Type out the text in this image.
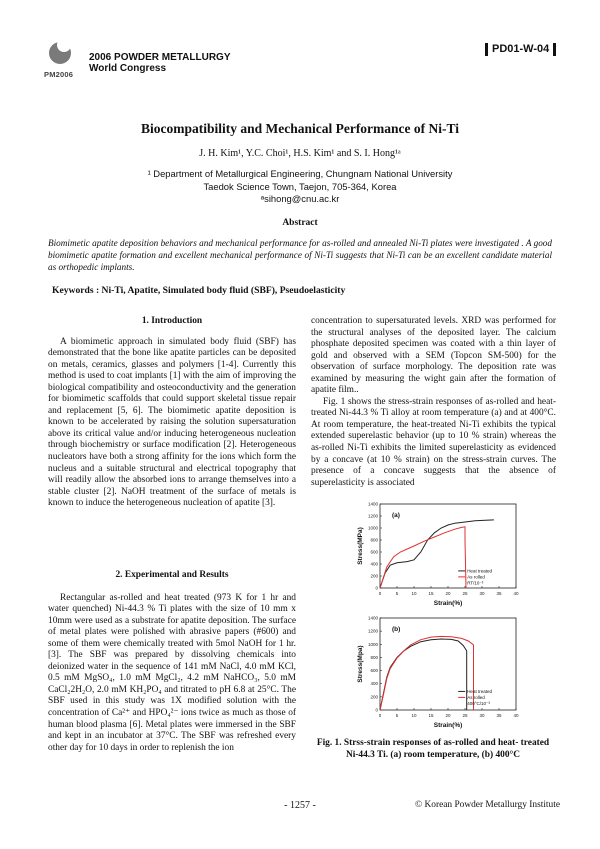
PM2006
2006 POWDER METALLURGY
World Congress
PD01-W-04
Biocompatibility and Mechanical Performance of Ni-Ti
J. H. Kim¹, Y.C. Choi¹, H.S. Kim¹ and S. I. Hong¹ᵃ
¹ Department of Metallurgical Engineering, Chungnam National University
Taedok Science Town, Taejon, 705-364, Korea
ᵃsihong@cnu.ac.kr
Abstract
Biomimetic apatite deposition behaviors and mechanical performance for as-rolled and annealed Ni-Ti plates were investigated . A good biomimetic apatite formation and excellent mechanical performance of Ni-Ti suggests that Ni-Ti can be an excellent candidate material as orthopedic implants.
Keywords : Ni-Ti, Apatite, Simulated body fluid (SBF), Pseudoelasticity
1. Introduction

A biomimetic approach in simulated body fluid (SBF) has demonstrated that the bone like apatite particles can be deposited on metals, ceramics, glasses and polymers [1-4]. Currently this method is used to coat implants [1] with the aim of improving the biological compatibility and osteoconductivity and the generation for biomimetic scaffolds that could support skeletal tissue repair and replacement [5, 6]. The biomimetic apatite deposition is known to be accelerated by raising the solution supersaturation above its critical value and/or inducing heterogeneous nucleation through biochemistry or surface modification [2]. Heterogeneous nucleators have both a strong affinity for the ions which form the nucleus and a suitable structural and electrical topography that will readily allow the absorbed ions to arrange themselves into a stable cluster [2]. NaOH treatment of the surface of metals is known to induce the heterogeneous nucleation of apatite [3].

2. Experimental and Results

Rectangular as-rolled and heat treated (973 K for 1 hr and water quenched) Ni-44.3 % Ti plates with the size of 10 mm x 10mm were used as a substrate for apatite deposition. The surface of metal plates were polished with abrasive papers (#600) and some of them were chemically treated with 5mol NaOH for 1 hr. [3]. The SBF was prepared by dissolving chemicals into deionized water in the sequence of 141 mM NaCl, 4.0 mM KCl, 0.5 mM MgSO₄, 1.0 mM MgCl₂, 4.2 mM NaHCO₃, 5.0 mM CaCl₂2H₂O, 2.0 mM KH₂PO₄ and titrated to pH 6.8 at 25°C. The SBF used in this study was 1X modified solution with the concentration of Ca²⁺ and HPO₄²⁻ ions twice as much as those of human blood plasma [6]. Metal plates were immersed in the SBF and kept in an incubator at 37°C. The SBF was refreshed every other day for 10 days in order to replenish the ion

concentration to supersaturated levels. XRD was performed for the structural analyses of the deposited layer. The calcium phosphate deposited specimen was coated with a thin layer of gold and observed with a SEM (Topcon SM-500) for the observation of surface morphology. The deposition rate was examined by measuring the wight gain after the formation of apatite film..

Fig. 1 shows the stress-strain responses of as-rolled and heat-treated Ni-44.3 % Ti alloy at room temperature (a) and at 400°C. At room temperature, the heat-treated Ni-Ti exhibits the typical extended superelastic behavior (up to 10 % strain) whereas the as-rolled Ni-Ti exhibits the limited superelasticity as evidenced by a concave (at 10 % strain) on the stress-strain curves. The presence of a concave suggests that the absence of superelasticity is associated

0	5	10	15	20	25	30	35	40
0
200
400
600
800
1000
1200
1400
Strain(%)
Stress(MPa)
(a)
Heat treated
As rolled
RT/10⁻³
0	5	10	15	20	25	30	35	40
0
200
400
600
800
1000
1200
1400
Strain(%)
Stress(Mpa)
(b)
Heat treated
As rolled
400°C/10⁻³
Fig. 1. Strss-strain responses of as-rolled and heat- treated
Ni-44.3 Ti. (a) room temperature, (b) 400°C
- 1257 -	© Korean Powder Metallurgy Institute
